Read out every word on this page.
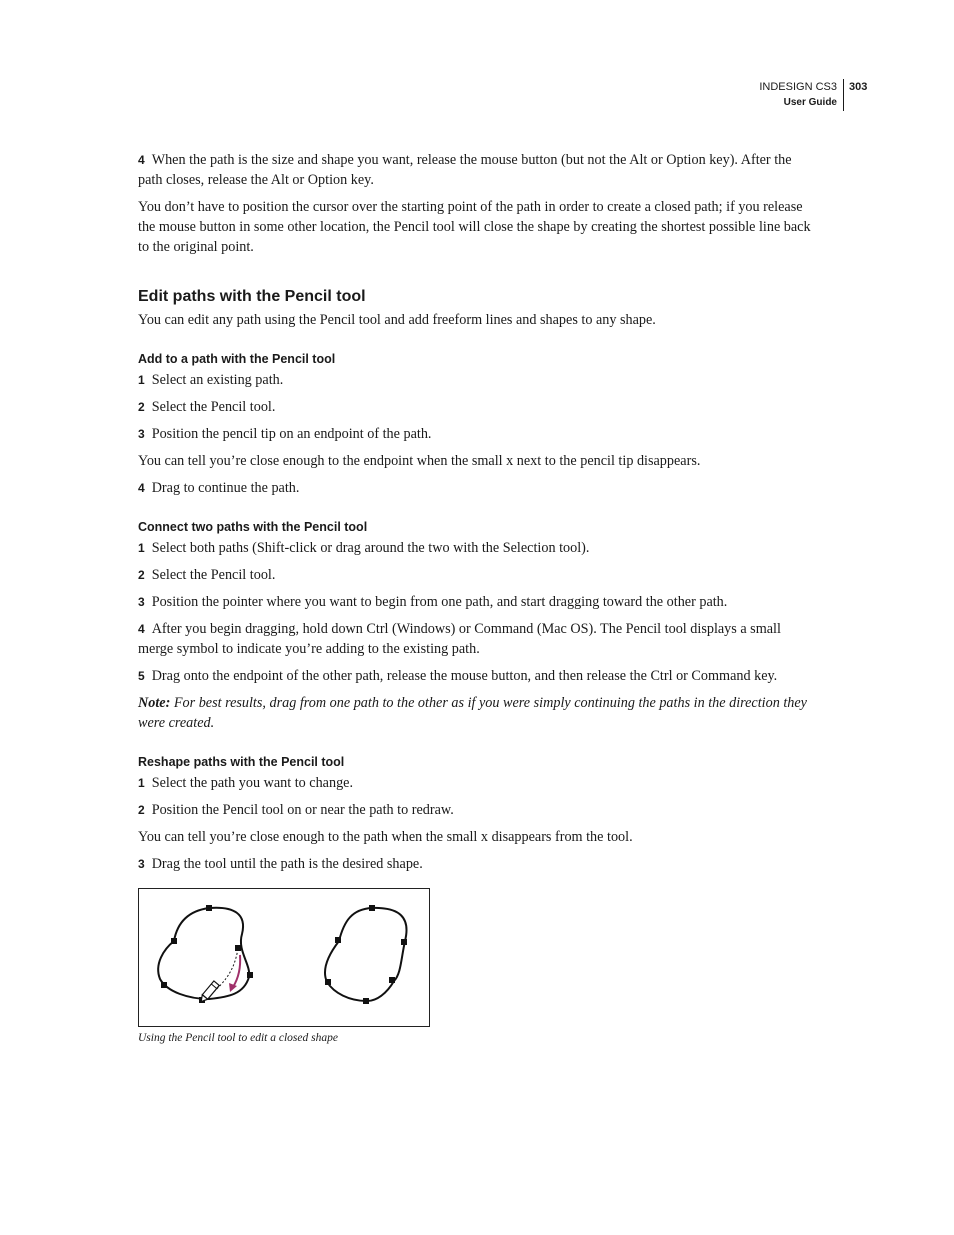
INDESIGN CS3
User Guide
303

4 When the path is the size and shape you want, release the mouse button (but not the Alt or Option key). After the path closes, release the Alt or Option key.

You don’t have to position the cursor over the starting point of the path in order to create a closed path; if you release the mouse button in some other location, the Pencil tool will close the shape by creating the shortest possible line back to the original point.

Edit paths with the Pencil tool

You can edit any path using the Pencil tool and add freeform lines and shapes to any shape.

Add to a path with the Pencil tool

1 Select an existing path.

2 Select the Pencil tool.

3 Position the pencil tip on an endpoint of the path.

You can tell you’re close enough to the endpoint when the small x next to the pencil tip disappears.

4 Drag to continue the path.

Connect two paths with the Pencil tool

1 Select both paths (Shift-click or drag around the two with the Selection tool).

2 Select the Pencil tool.

3 Position the pointer where you want to begin from one path, and start dragging toward the other path.

4 After you begin dragging, hold down Ctrl (Windows) or Command (Mac OS). The Pencil tool displays a small merge symbol to indicate you’re adding to the existing path.

5 Drag onto the endpoint of the other path, release the mouse button, and then release the Ctrl or Command key.

Note: For best results, drag from one path to the other as if you were simply continuing the paths in the direction they were created.

Reshape paths with the Pencil tool

1 Select the path you want to change.

2 Position the Pencil tool on or near the path to redraw.

You can tell you’re close enough to the path when the small x disappears from the tool.

3 Drag the tool until the path is the desired shape.

Using the Pencil tool to edit a closed shape
